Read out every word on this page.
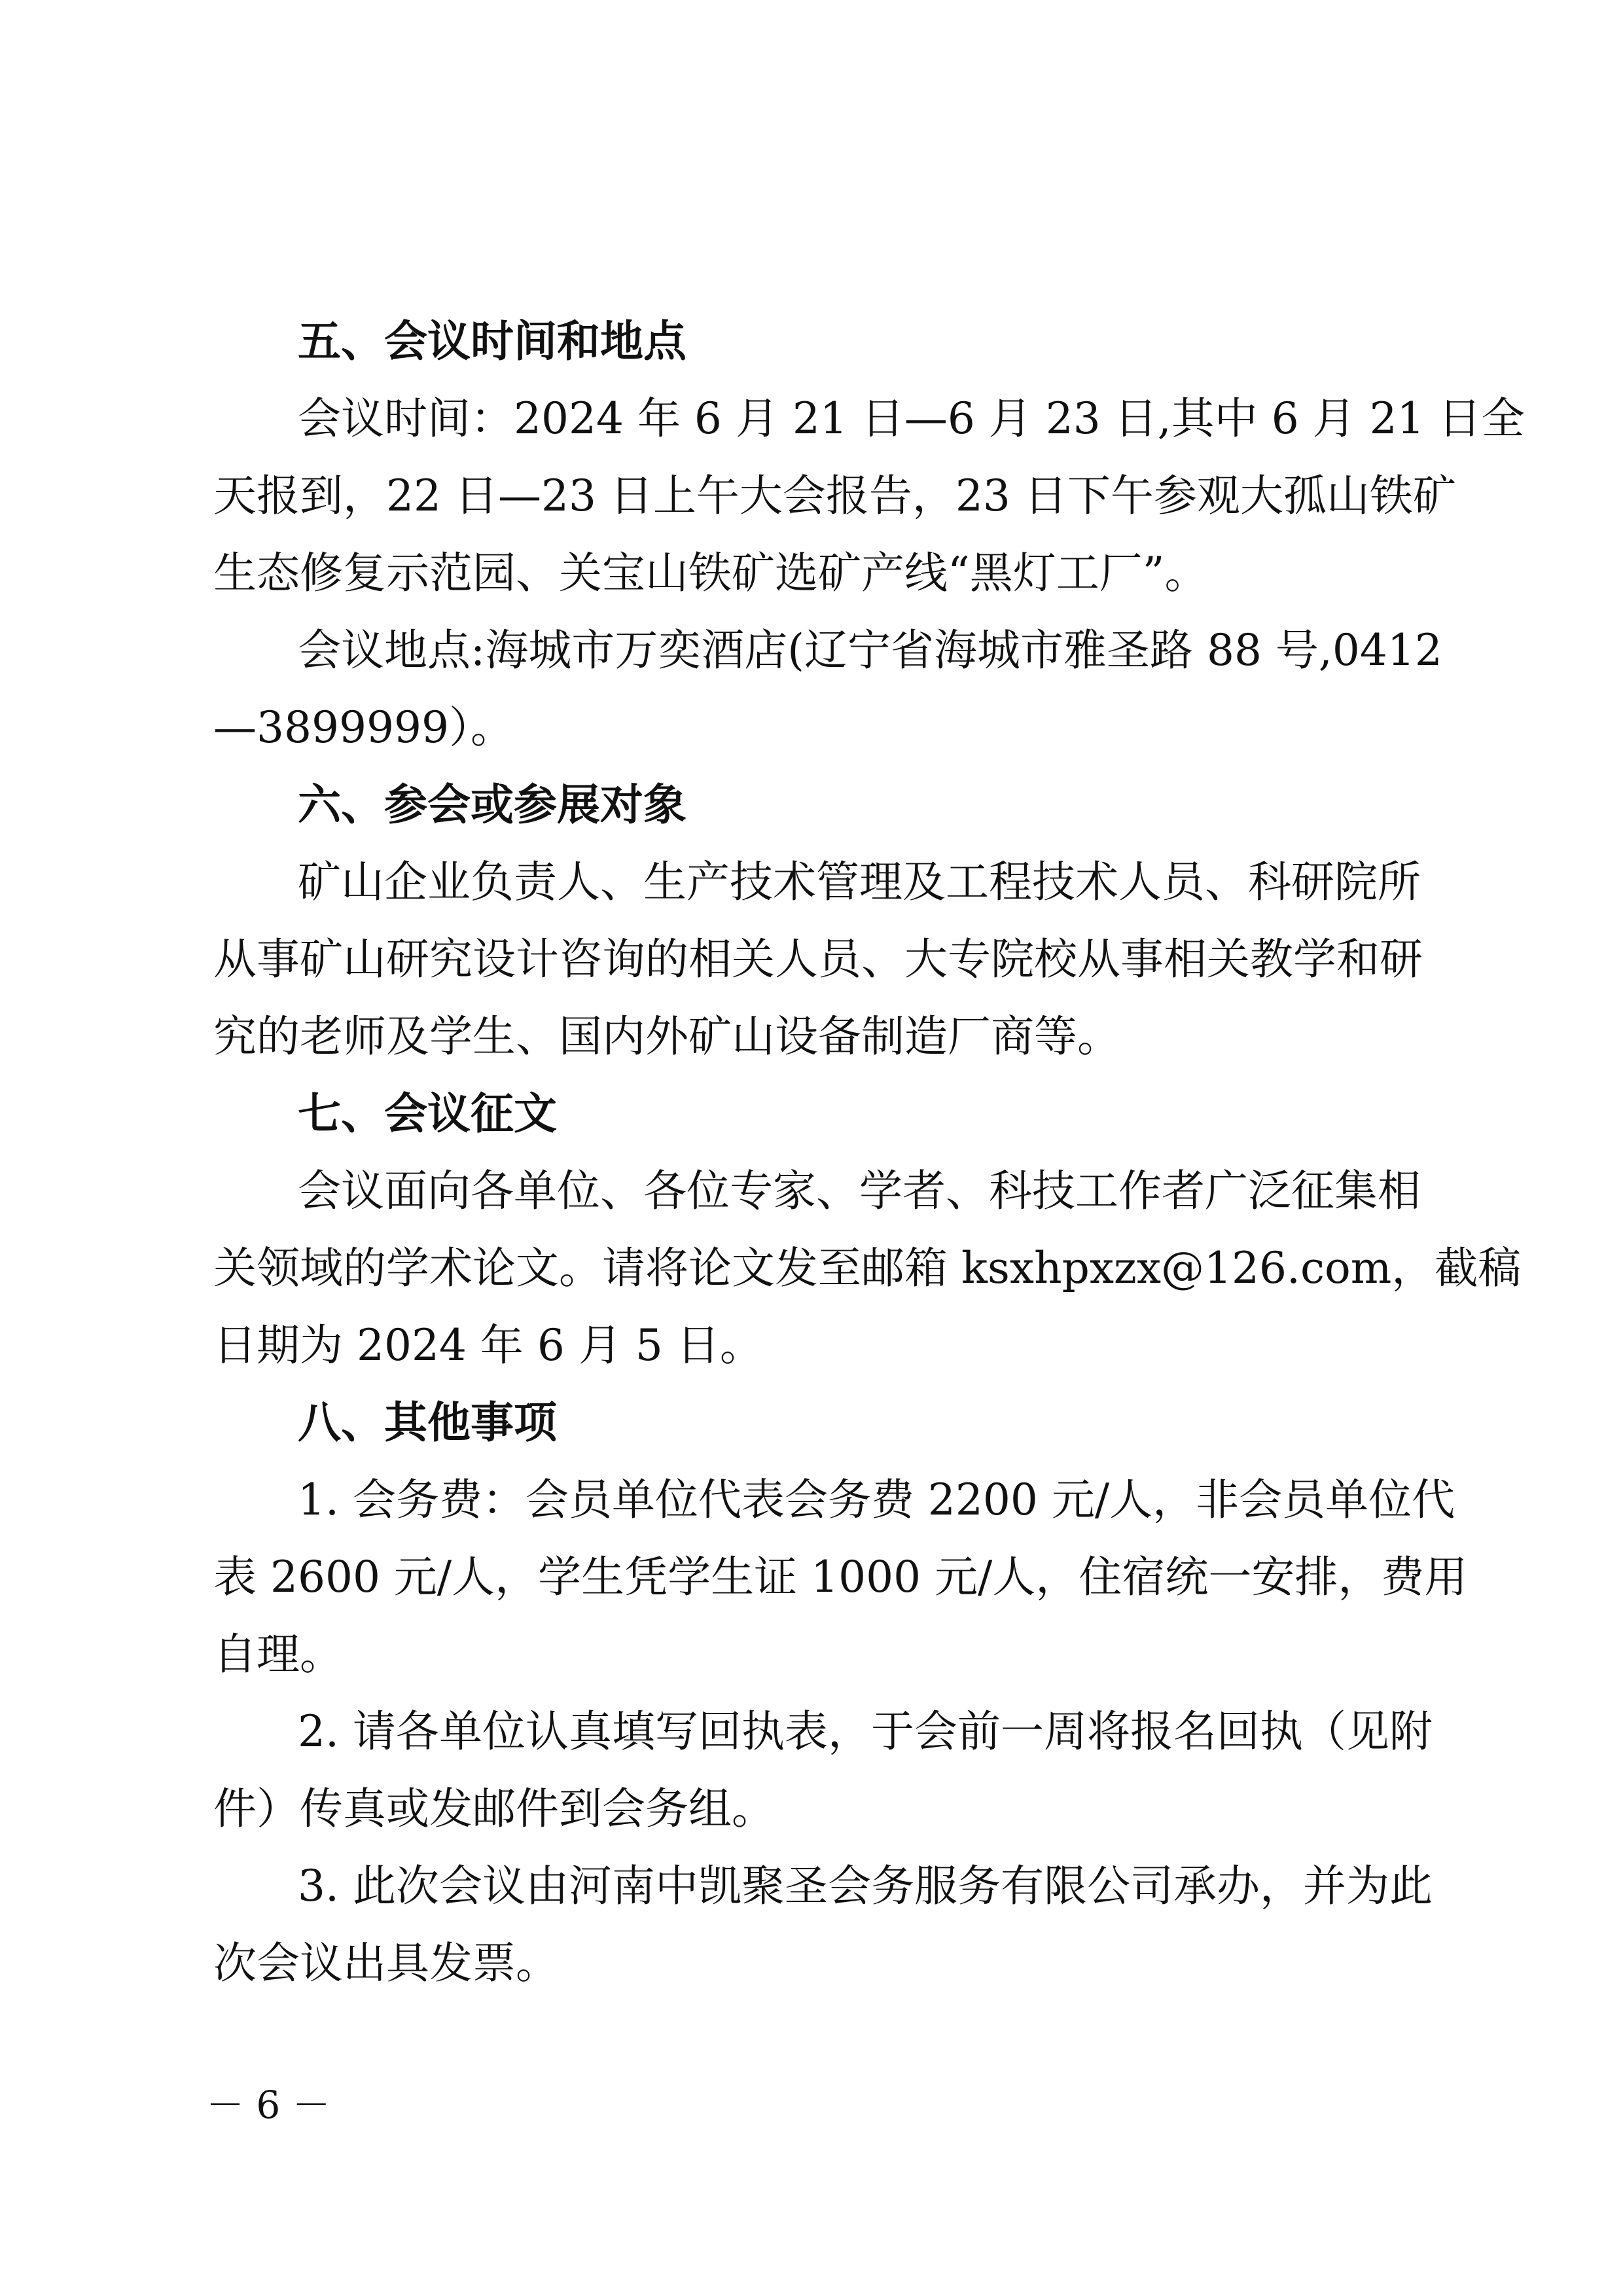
五、会议时间和地点
会议时间：2024 年 6 月 21 日—6 月 23 日,其中 6 月 21 日全
天报到，22 日—23 日上午大会报告，23 日下午参观大孤山铁矿
生态修复示范园、关宝山铁矿选矿产线“黑灯工厂”。
会议地点:海城市万奕酒店(辽宁省海城市雅圣路 88 号,0412
—3899999）。
六、参会或参展对象
矿山企业负责人、生产技术管理及工程技术人员、科研院所
从事矿山研究设计咨询的相关人员、大专院校从事相关教学和研
究的老师及学生、国内外矿山设备制造厂商等。
七、会议征文
会议面向各单位、各位专家、学者、科技工作者广泛征集相
关领域的学术论文。请将论文发至邮箱 ksxhpxzx@126.com，截稿
日期为 2024 年 6 月 5 日。
八、其他事项
1. 会务费：会员单位代表会务费 2200 元/人，非会员单位代
表 2600 元/人，学生凭学生证 1000 元/人，住宿统一安排，费用
自理。
2. 请各单位认真填写回执表，于会前一周将报名回执（见附
件）传真或发邮件到会务组。
3. 此次会议由河南中凯聚圣会务服务有限公司承办，并为此
次会议出具发票。
－ 6 －
